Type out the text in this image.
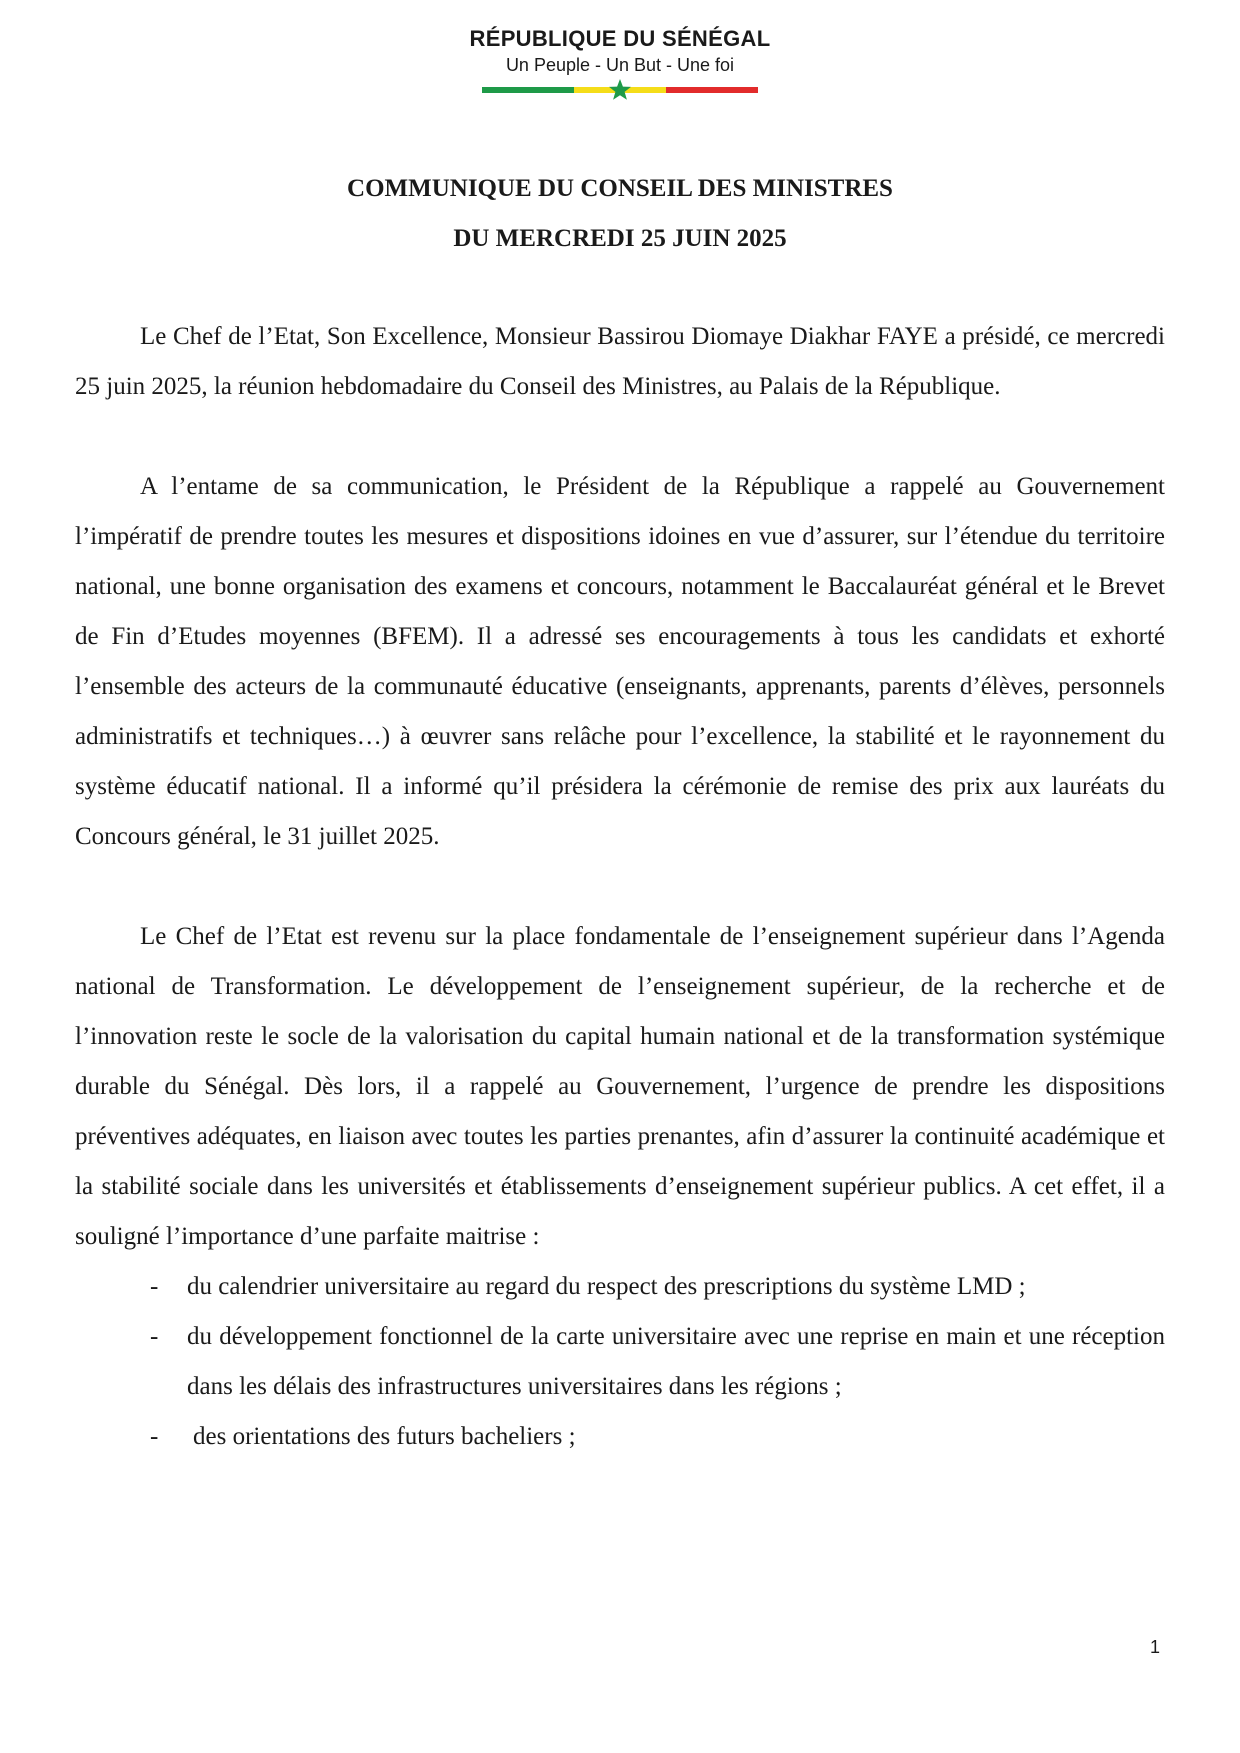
RÉPUBLIQUE DU SÉNÉGAL
Un Peuple - Un But - Une foi
COMMUNIQUE DU CONSEIL DES MINISTRES
DU MERCREDI 25 JUIN 2025

Le Chef de l’Etat, Son Excellence, Monsieur Bassirou Diomaye Diakhar FAYE a présidé, ce mercredi 25 juin 2025, la réunion hebdomadaire du Conseil des Ministres, au Palais de la République.

A l’entame de sa communication, le Président de la République a rappelé au Gouvernement l’impératif de prendre toutes les mesures et dispositions idoines en vue d’assurer, sur l’étendue du territoire national, une bonne organisation des examens et concours, notamment le Baccalauréat général et le Brevet de Fin d’Etudes moyennes (BFEM). Il a adressé ses encouragements à tous les candidats et exhorté l’ensemble des acteurs de la communauté éducative (enseignants, apprenants, parents d’élèves, personnels administratifs et techniques…) à œuvrer sans relâche pour l’excellence, la stabilité et le rayonnement du système éducatif national. Il a informé qu’il présidera la cérémonie de remise des prix aux lauréats du Concours général, le 31 juillet 2025.

Le Chef de l’Etat est revenu sur la place fondamentale de l’enseignement supérieur dans l’Agenda national de Transformation. Le développement de l’enseignement supérieur, de la recherche et de l’innovation reste le socle de la valorisation du capital humain national et de la transformation systémique durable du Sénégal. Dès lors, il a rappelé au Gouvernement, l’urgence de prendre les dispositions préventives adéquates, en liaison avec toutes les parties prenantes, afin d’assurer la continuité académique et la stabilité sociale dans les universités et établissements d’enseignement supérieur publics. A cet effet, il a souligné l’importance d’une parfaite maitrise :

- du calendrier universitaire au regard du respect des prescriptions du système LMD ;
- du développement fonctionnel de la carte universitaire avec une reprise en main et une réception dans les délais des infrastructures universitaires dans les régions ;
- des orientations des futurs bacheliers ;
1
